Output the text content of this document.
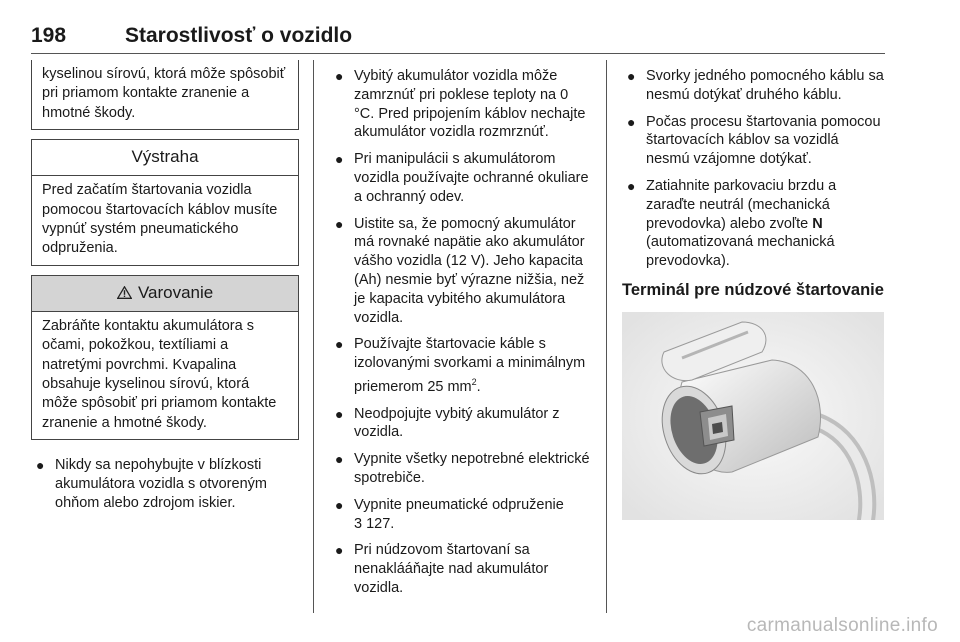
198	Starostlivosť o vozidlo
kyselinou sírovú, ktorá môže spôsobiť pri priamom kontakte zranenie a hmotné škody.
Výstraha
Pred začatím štartovania vozidla pomocou štartovacích káblov musíte vypnúť systém pneumatického odpruženia.
Varovanie
Zabráňte kontaktu akumulátora s očami, pokožkou, textíliami a natretými povrchmi. Kvapalina obsahuje kyselinou sírovú, ktorá môže spôsobiť pri priamom kontakte zranenie a hmotné škody.
● Nikdy sa nepohybujte v blízkosti akumulátora vozidla s otvoreným ohňom alebo zdrojom iskier.
● Vybitý akumulátor vozidla môže zamrznúť pri poklese teploty na 0 °C. Pred pripojením káblov nechajte akumulátor vozidla rozmrznúť.
● Pri manipulácii s akumulátorom vozidla používajte ochranné okuliare a ochranný odev.
● Uistite sa, že pomocný akumulátor má rovnaké napätie ako akumulátor vášho vozidla (12 V). Jeho kapacita (Ah) nesmie byť výrazne nižšia, než je kapacita vybitého akumulátora vozidla.
● Používajte štartovacie káble s izolovanými svorkami a minimálnym priemerom 25 $mm^2$.
● Neodpojujte vybitý akumulátor z vozidla.
● Vypnite všetky nepotrebné elektrické spotrebiče.
● Vypnite pneumatické odpruženie
3 127.
● Pri núdzovom štartovaní sa nenaklááňajte nad akumulátor vozidla.
● Svorky jedného pomocného káblu sa nesmú dotýkať druhého káblu.
● Počas procesu štartovania pomocou štartovacích káblov sa vozidlá nesmú vzájomne dotýkať.
● Zatiahnite parkovaciu brzdu a zaraďte neutrál (mechanická prevodovka) alebo zvoľte N (automatizovaná mechanická prevodovka).
Terminál pre núdzové štartovanie
carmanualsonline.info
